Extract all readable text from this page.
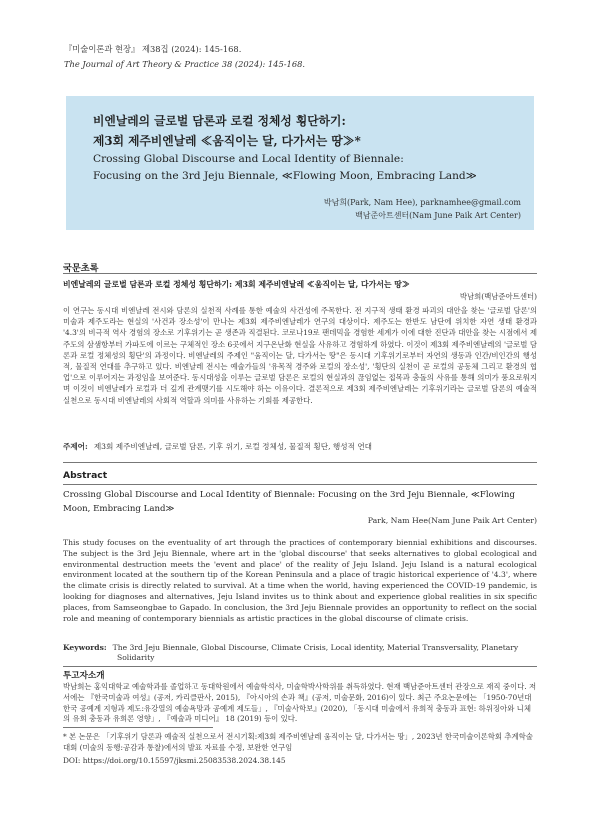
『미술이론과 현장』 제38집 (2024): 145-168.
The Journal of Art Theory & Practice 38 (2024): 145-168.
비엔날레의 글로벌 담론과 로컬 정체성 횡단하기:
제3회 제주비엔날레 ≪움직이는 달, 다가서는 땅≫*
Crossing Global Discourse and Local Identity of Biennale:
Focusing on the 3rd Jeju Biennale, ≪Flowing Moon, Embracing Land≫
박남희(Park, Nam Hee), parknamhee@gmail.com
백남준아트센터(Nam June Paik Art Center)
국문초록
비엔날레의 글로벌 담론과 로컬 정체성 횡단하기: 제3회 제주비엔날레 ≪움직이는 달, 다가서는 땅≫
박남희(백남준아트센터)
이 연구는 동시대 비엔날레 전시와 담론의 실천적 사례를 통한 예술의 사건성에 주목한다. 전 지구적 생태 환경 파괴의 대안을 찾는 '글로벌 담론'의 미술과 제주도라는 현실의 '사건과 장소성'이 만나는 제3회 제주비엔날레가 연구의 대상이다. 제주도는 한반도 남단에 위치한 자연 생태 환경과 '4.3'의 비극적 역사 경험의 장소로 기후위기는 곧 생존과 직결된다. 코로나19로 팬데믹을 경험한 세계가 이에 대한 진단과 대안을 찾는 시점에서 제주도의 삼샘항부터 가파도에 이르는 구체적인 장소 6곳에서 지구온난화 현실을 사유하고 경험하게 하였다. 이것이 제3회 제주비엔날레의 '글로벌 담론과 로컬 정체성의 횡단'의 과정이다. 비엔날레의 주제인 "움직이는 달, 다가서는 땅"은 동시대 기후위기로부터 자연의 생동과 인간/비인간의 행성적, 물질적 연대를 추구하고 있다. 비엔날레 전시는 예술가들의 '유목적 경주와 로컬의 장소성', '횡단의 실천이 곧 로컬의 공동체 그리고 환경의 협업'으로 이루어지는 과정임을 보여준다. 동시대성을 이루는 글로벌 담론은 로컬의 현실과의 끊임없는 접목과 충돌의 사유를 통해 의미가 풍요로워지며 이것이 비엔날레가 로컬과 더 깊게 관계맺기를 시도해야 하는 이유이다. 결론적으로 제3회 제주비엔날레는 기후위기라는 글로벌 담론의 예술적 실천으로 동시대 비엔날레의 사회적 역할과 의미를 사유하는 기회를 제공한다.
주제어: 제3회 제주비엔날레, 글로벌 담론, 기후 위기, 로컬 정체성, 물질적 횡단, 행성적 연대
Abstract
Crossing Global Discourse and Local Identity of Biennale: Focusing on the 3rd Jeju Biennale, ≪Flowing Moon, Embracing Land≫
Park, Nam Hee(Nam June Paik Art Center)
This study focuses on the eventuality of art through the practices of contemporary biennial exhibitions and discourses. The subject is the 3rd Jeju Biennale, where art in the 'global discourse' that seeks alternatives to global ecological and environmental destruction meets the 'event and place' of the reality of Jeju Island. Jeju Island is a natural ecological environment located at the southern tip of the Korean Peninsula and a place of tragic historical experience of '4.3', where the climate crisis is directly related to survival. At a time when the world, having experienced the COVID-19 pandemic, is looking for diagnoses and alternatives, Jeju Island invites us to think about and experience global realities in six specific places, from Samseongbae to Gapado. In conclusion, the 3rd Jeju Biennale provides an opportunity to reflect on the social role and meaning of contemporary biennials as artistic practices in the global discourse of climate crisis.
Keywords: The 3rd Jeju Biennale, Global Discourse, Climate Crisis, Local identity, Material Transversality, Planetary Solidarity
투고자소개
박남희는 홍익대학교 예술학과를 졸업하고 동대학원에서 예술학석사, 미술학박사학위를 취득하였다. 현재 백남준아트센터 관장으로 재직 중이다. 저서에는 『한국미술과 여성』(공저, 카리클판사, 2015), 『아시아의 손과 책』(공저, 미술문화, 2016)이 있다. 최근 주요논문에는 「1950-70년대 한국 공예계 지형과 제도:유강열의 예술욕망과 공예계 제도들」, 『미술사학보』(2020), 「동시대 미술에서 유희적 충동과 표현: 하위징아와 니체의 유희 충동과 유희론 영향」, 『예술과 미디어』 18 (2019) 등이 있다.
* 본 논문은 「기후위기 담론과 예술적 실천으로서 전시기획:제3회 제주비엔날레 움직이는 달, 다가서는 땅」, 2023년 한국미술이론학회 추계학술대회 (미술의 동행:공감과 통찰)에서의 발표 자료를 수정, 보완한 연구임
DOI: https://doi.org/10.15597/jksmi.25083538.2024.38.145
